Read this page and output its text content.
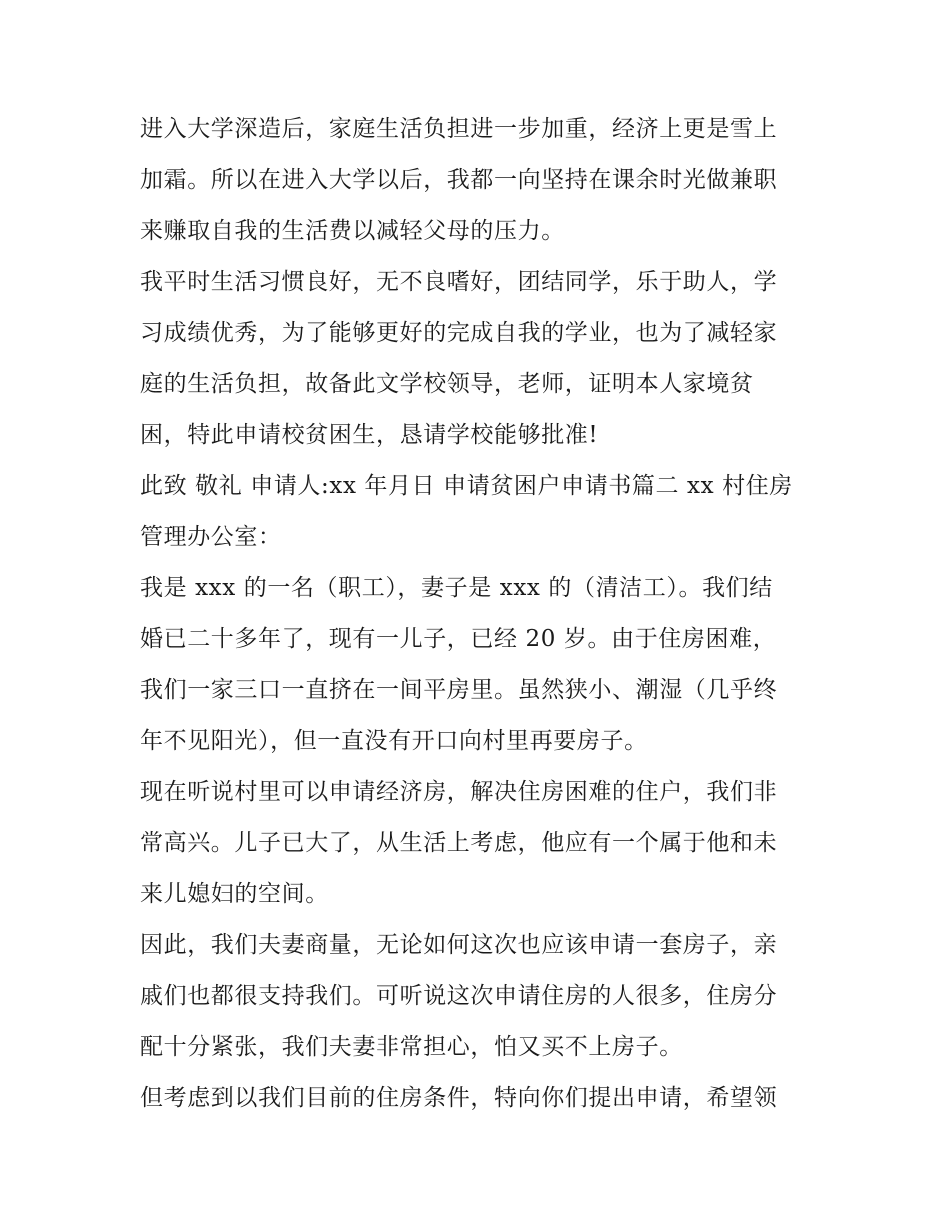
进入大学深造后，家庭生活负担进一步加重，经济上更是雪上
加霜。所以在进入大学以后，我都一向坚持在课余时光做兼职
来赚取自我的生活费以减轻父母的压力。
我平时生活习惯良好，无不良嗜好，团结同学，乐于助人，学
习成绩优秀，为了能够更好的完成自我的学业，也为了减轻家
庭的生活负担，故备此文学校领导，老师，证明本人家境贫
困，特此申请校贫困生，恳请学校能够批准!
此致 敬礼 申请人:xx 年月日 申请贫困户申请书篇二 xx 村住房
管理办公室：
我是 xxx 的一名（职工），妻子是 xxx 的（清洁工）。我们结
婚已二十多年了，现有一儿子，已经 20 岁。由于住房困难，
我们一家三口一直挤在一间平房里。虽然狭小、潮湿（几乎终
年不见阳光），但一直没有开口向村里再要房子。
现在听说村里可以申请经济房，解决住房困难的住户，我们非
常高兴。儿子已大了，从生活上考虑，他应有一个属于他和未
来儿媳妇的空间。
因此，我们夫妻商量，无论如何这次也应该申请一套房子，亲
戚们也都很支持我们。可听说这次申请住房的人很多，住房分
配十分紧张，我们夫妻非常担心，怕又买不上房子。
但考虑到以我们目前的住房条件，特向你们提出申请，希望领
